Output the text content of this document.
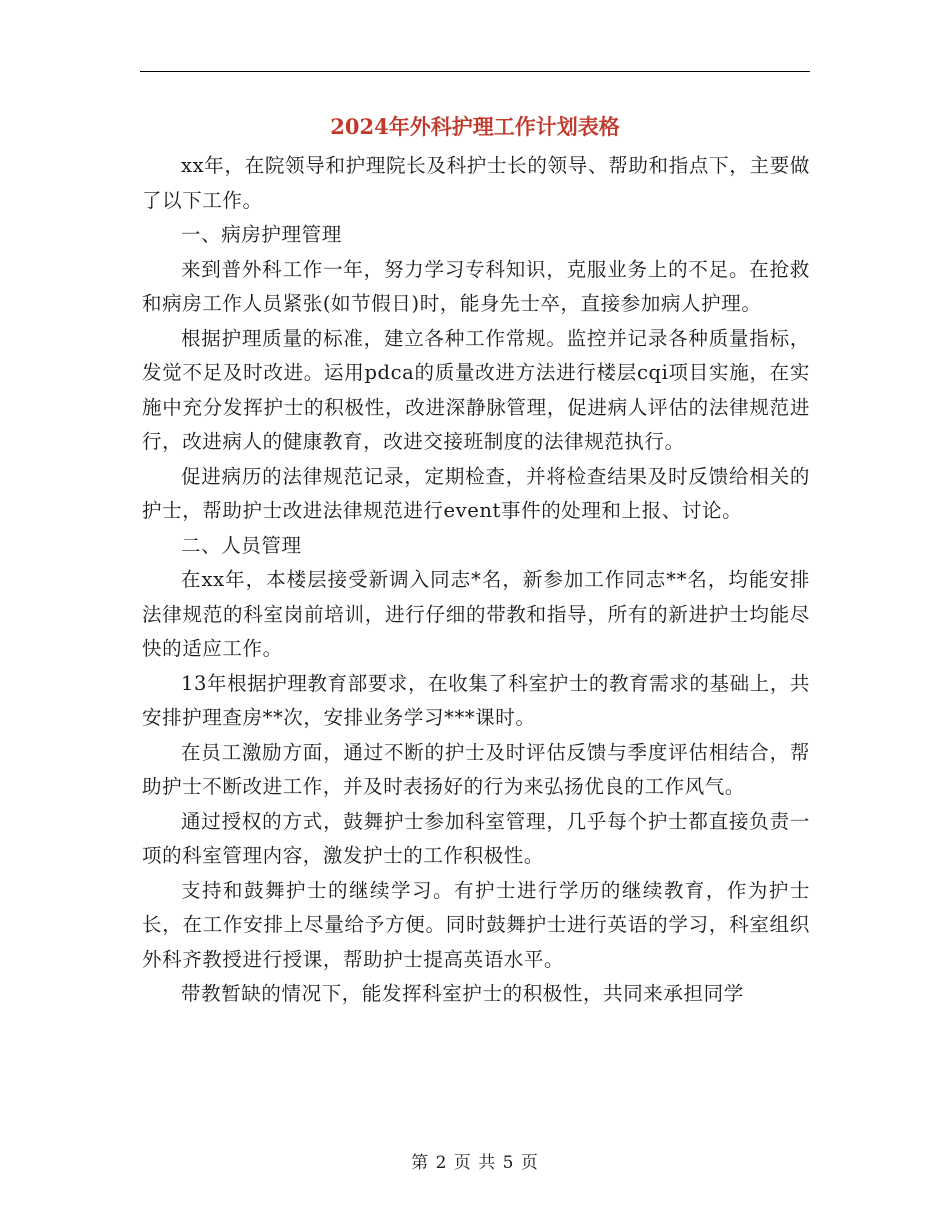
2024年外科护理工作计划表格

xx年，在院领导和护理院长及科护士长的领导、帮助和指点下，主要做了以下工作。

一、病房护理管理

来到普外科工作一年，努力学习专科知识，克服业务上的不足。在抢救和病房工作人员紧张(如节假日)时，能身先士卒，直接参加病人护理。

根据护理质量的标准，建立各种工作常规。监控并记录各种质量指标，发觉不足及时改进。运用pdca的质量改进方法进行楼层cqi项目实施，在实施中充分发挥护士的积极性，改进深静脉管理，促进病人评估的法律规范进行，改进病人的健康教育，改进交接班制度的法律规范执行。

促进病历的法律规范记录，定期检查，并将检查结果及时反馈给相关的护士，帮助护士改进法律规范进行event事件的处理和上报、讨论。

二、人员管理

在xx年，本楼层接受新调入同志*名，新参加工作同志**名，均能安排法律规范的科室岗前培训，进行仔细的带教和指导，所有的新进护士均能尽快的适应工作。

13年根据护理教育部要求，在收集了科室护士的教育需求的基础上，共安排护理查房**次，安排业务学习***课时。

在员工激励方面，通过不断的护士及时评估反馈与季度评估相结合，帮助护士不断改进工作，并及时表扬好的行为来弘扬优良的工作风气。

通过授权的方式，鼓舞护士参加科室管理，几乎每个护士都直接负责一项的科室管理内容，激发护士的工作积极性。

支持和鼓舞护士的继续学习。有护士进行学历的继续教育，作为护士长，在工作安排上尽量给予方便。同时鼓舞护士进行英语的学习，科室组织外科齐教授进行授课，帮助护士提高英语水平。

带教暂缺的情况下，能发挥科室护士的积极性，共同来承担同学

第 2 页 共 5 页
